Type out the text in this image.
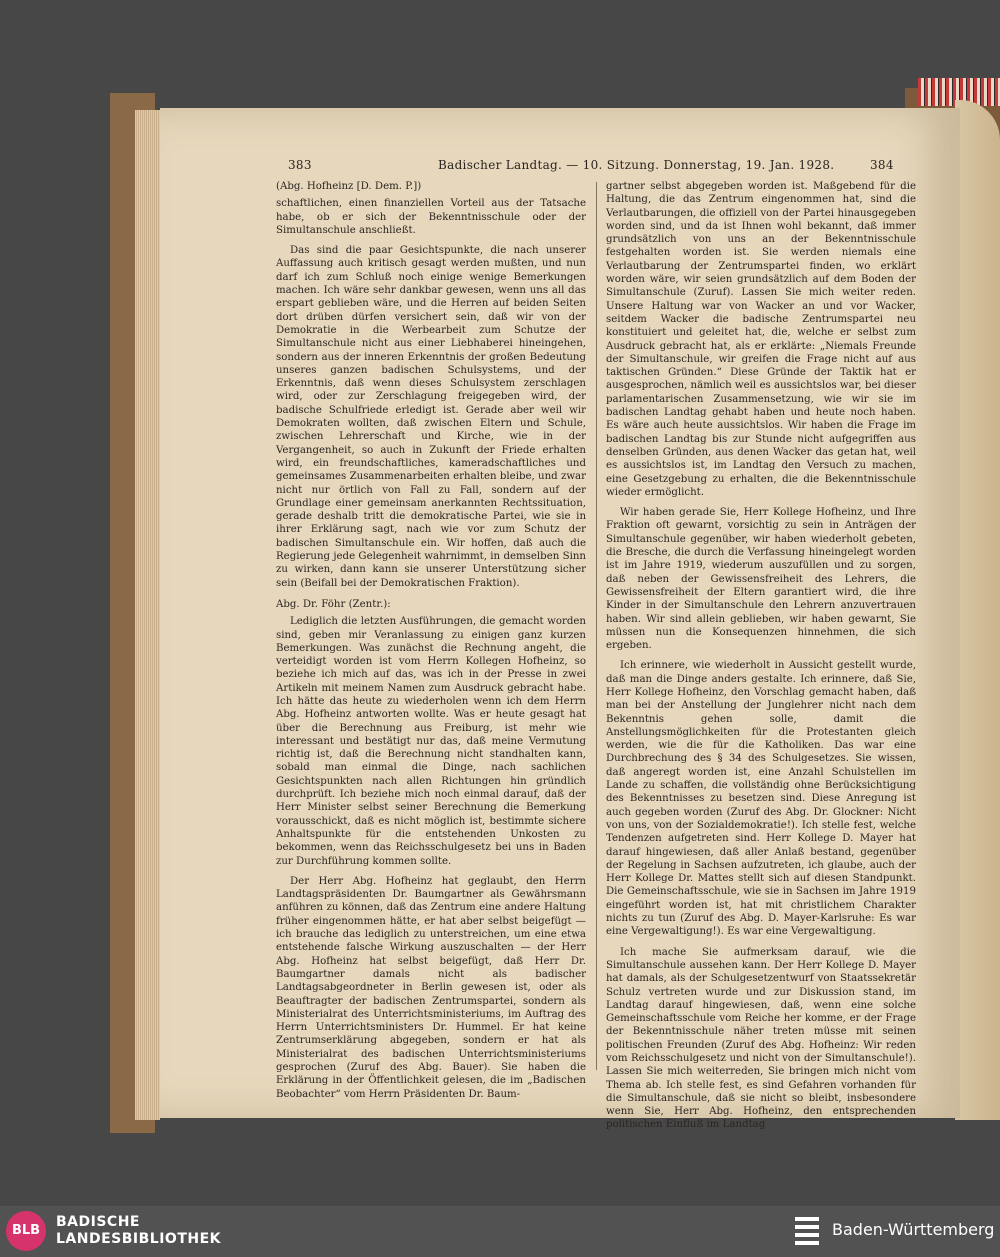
383	Badischer Landtag. — 10. Sitzung. Donnerstag, 19. Jan. 1928.	384

(Abg. Hofheinz [D. Dem. P.])

schaftlichen, einen finanziellen Vorteil aus der Tatsache habe, ob er sich der Bekenntnisschule oder der Simultanschule anschließt.

Das sind die paar Gesichtspunkte, die nach unserer Auffassung auch kritisch gesagt werden mußten, und nun darf ich zum Schluß noch einige wenige Bemerkungen machen. Ich wäre sehr dankbar gewesen, wenn uns all das erspart geblieben wäre, und die Herren auf beiden Seiten dort drüben dürfen versichert sein, daß wir von der Demokratie in die Werbearbeit zum Schutze der Simultanschule nicht aus einer Liebhaberei hineingehen, sondern aus der inneren Erkenntnis der großen Bedeutung unseres ganzen badischen Schulsystems, und der Erkenntnis, daß wenn dieses Schulsystem zerschlagen wird, oder zur Zerschlagung freigegeben wird, der badische Schulfriede erledigt ist. Gerade aber weil wir Demokraten wollten, daß zwischen Eltern und Schule, zwischen Lehrerschaft und Kirche, wie in der Vergangenheit, so auch in Zukunft der Friede erhalten wird, ein freundschaftliches, kameradschaftliches und gemeinsames Zusammenarbeiten erhalten bleibe, und zwar nicht nur örtlich von Fall zu Fall, sondern auf der Grundlage einer gemeinsam anerkannten Rechtssituation, gerade deshalb tritt die demokratische Partei, wie sie in ihrer Erklärung sagt, nach wie vor zum Schutz der badischen Simultanschule ein. Wir hoffen, daß auch die Regierung jede Gelegenheit wahrnimmt, in demselben Sinn zu wirken, dann kann sie unserer Unterstützung sicher sein (Beifall bei der Demokratischen Fraktion).

Abg. Dr. Föhr (Zentr.):

Lediglich die letzten Ausführungen, die gemacht worden sind, geben mir Veranlassung zu einigen ganz kurzen Bemerkungen. Was zunächst die Rechnung angeht, die verteidigt worden ist vom Herrn Kollegen Hofheinz, so beziehe ich mich auf das, was ich in der Presse in zwei Artikeln mit meinem Namen zum Ausdruck gebracht habe. Ich hätte das heute zu wiederholen wenn ich dem Herrn Abg. Hofheinz antworten wollte. Was er heute gesagt hat über die Berechnung aus Freiburg, ist mehr wie interessant und bestätigt nur das, daß meine Vermutung richtig ist, daß die Berechnung nicht standhalten kann, sobald man einmal die Dinge, nach sachlichen Gesichtspunkten nach allen Richtungen hin gründlich durchprüft. Ich beziehe mich noch einmal darauf, daß der Herr Minister selbst seiner Berechnung die Bemerkung vorausschickt, daß es nicht möglich ist, bestimmte sichere Anhaltspunkte für die entstehenden Unkosten zu bekommen, wenn das Reichsschulgesetz bei uns in Baden zur Durchführung kommen sollte.

Der Herr Abg. Hofheinz hat geglaubt, den Herrn Landtagspräsidenten Dr. Baumgartner als Gewährsmann anführen zu können, daß das Zentrum eine andere Haltung früher eingenommen hätte, er hat aber selbst beigefügt — ich brauche das lediglich zu unterstreichen, um eine etwa entstehende falsche Wirkung auszuschalten — der Herr Abg. Hofheinz hat selbst beigefügt, daß Herr Dr. Baumgartner damals nicht als badischer Landtagsabgeordneter in Berlin gewesen ist, oder als Beauftragter der badischen Zentrumspartei, sondern als Ministerialrat des Unterrichtsministeriums, im Auftrag des Herrn Unterrichtsministers Dr. Hummel. Er hat keine Zentrumserklärung abgegeben, sondern er hat als Ministerialrat des badischen Unterrichtsministeriums gesprochen (Zuruf des Abg. Bauer). Sie haben die Erklärung in der Öffentlichkeit gelesen, die im „Badischen Beobachter“ vom Herrn Präsidenten Dr. Baum-

gartner selbst abgegeben worden ist. Maßgebend für die Haltung, die das Zentrum eingenommen hat, sind die Verlautbarungen, die offiziell von der Partei hinausgegeben worden sind, und da ist Ihnen wohl bekannt, daß immer grundsätzlich von uns an der Bekenntnisschule festgehalten worden ist. Sie werden niemals eine Verlautbarung der Zentrumspartei finden, wo erklärt worden wäre, wir seien grundsätzlich auf dem Boden der Simultanschule (Zuruf). Lassen Sie mich weiter reden. Unsere Haltung war von Wacker an und vor Wacker, seitdem Wacker die badische Zentrumspartei neu konstituiert und geleitet hat, die, welche er selbst zum Ausdruck gebracht hat, als er erklärte: „Niemals Freunde der Simultanschule, wir greifen die Frage nicht auf aus taktischen Gründen.“ Diese Gründe der Taktik hat er ausgesprochen, nämlich weil es aussichtslos war, bei dieser parlamentarischen Zusammensetzung, wie wir sie im badischen Landtag gehabt haben und heute noch haben. Es wäre auch heute aussichtslos. Wir haben die Frage im badischen Landtag bis zur Stunde nicht aufgegriffen aus denselben Gründen, aus denen Wacker das getan hat, weil es aussichtslos ist, im Landtag den Versuch zu machen, eine Gesetzgebung zu erhalten, die die Bekenntnisschule wieder ermöglicht.

Wir haben gerade Sie, Herr Kollege Hofheinz, und Ihre Fraktion oft gewarnt, vorsichtig zu sein in Anträgen der Simultanschule gegenüber, wir haben wiederholt gebeten, die Bresche, die durch die Verfassung hineingelegt worden ist im Jahre 1919, wiederum auszufüllen und zu sorgen, daß neben der Gewissensfreiheit des Lehrers, die Gewissensfreiheit der Eltern garantiert wird, die ihre Kinder in der Simultanschule den Lehrern anzuvertrauen haben. Wir sind allein geblieben, wir haben gewarnt, Sie müssen nun die Konsequenzen hinnehmen, die sich ergeben.

Ich erinnere, wie wiederholt in Aussicht gestellt wurde, daß man die Dinge anders gestalte. Ich erinnere, daß Sie, Herr Kollege Hofheinz, den Vorschlag gemacht haben, daß man bei der Anstellung der Junglehrer nicht nach dem Bekenntnis gehen solle, damit die Anstellungsmöglichkeiten für die Protestanten gleich werden, wie die für die Katholiken. Das war eine Durchbrechung des § 34 des Schulgesetzes. Sie wissen, daß angeregt worden ist, eine Anzahl Schulstellen im Lande zu schaffen, die vollständig ohne Berücksichtigung des Bekenntnisses zu besetzen sind. Diese Anregung ist auch gegeben worden (Zuruf des Abg. Dr. Glockner: Nicht von uns, von der Sozialdemokratie!). Ich stelle fest, welche Tendenzen aufgetreten sind. Herr Kollege D. Mayer hat darauf hingewiesen, daß aller Anlaß bestand, gegenüber der Regelung in Sachsen aufzutreten, ich glaube, auch der Herr Kollege Dr. Mattes stellt sich auf diesen Standpunkt. Die Gemeinschaftsschule, wie sie in Sachsen im Jahre 1919 eingeführt worden ist, hat mit christlichem Charakter nichts zu tun (Zuruf des Abg. D. Mayer-Karlsruhe: Es war eine Vergewaltigung!). Es war eine Vergewaltigung.

Ich mache Sie aufmerksam darauf, wie die Simultanschule aussehen kann. Der Herr Kollege D. Mayer hat damals, als der Schulgesetzentwurf von Staatssekretär Schulz vertreten wurde und zur Diskussion stand, im Landtag darauf hingewiesen, daß, wenn eine solche Gemeinschaftsschule vom Reiche her komme, er der Frage der Bekenntnisschule näher treten müsse mit seinen politischen Freunden (Zuruf des Abg. Hofheinz: Wir reden vom Reichsschulgesetz und nicht von der Simultanschule!). Lassen Sie mich weiterreden, Sie bringen mich nicht vom Thema ab. Ich stelle fest, es sind Gefahren vorhanden für die Simultanschule, daß sie nicht so bleibt, insbesondere wenn Sie, Herr Abg. Hofheinz, den entsprechenden politischen Einfluß im Landtag

BLB
BADISCHE
LANDESBIBLIOTHEK	Baden-Württemberg
